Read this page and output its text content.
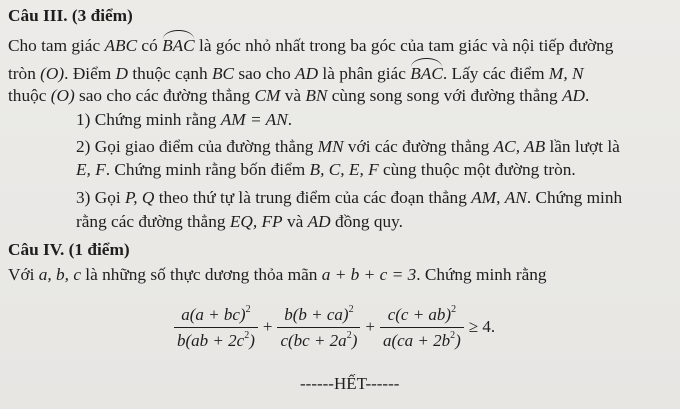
Câu III. (3 điểm)
Cho tam giác ABC có BAC là góc nhỏ nhất trong ba góc của tam giác và nội tiếp đường
tròn (O). Điểm D thuộc cạnh BC sao cho AD là phân giác BAC. Lấy các điểm M, N
thuộc (O) sao cho các đường thẳng CM và BN cùng song song với đường thẳng AD.
1) Chứng minh rằng AM = AN.
2) Gọi giao điểm của đường thẳng MN với các đường thẳng AC, AB lần lượt là
E, F. Chứng minh rằng bốn điểm B, C, E, F cùng thuộc một đường tròn.
3) Gọi P, Q theo thứ tự là trung điểm của các đoạn thẳng AM, AN. Chứng minh
rằng các đường thẳng EQ, FP và AD đồng quy.
Câu IV. (1 điểm)
Với a, b, c là những số thực dương thỏa mãn a + b + c = 3. Chứng minh rằng
$\frac{a(a + bc)^2}{b(ab + 2c^2)} + \frac{b(b + ca)^2}{c(bc + 2a^2)} + \frac{c(c + ab)^2}{a(ca + 2b^2)} \ge 4$.
------HẾT------
